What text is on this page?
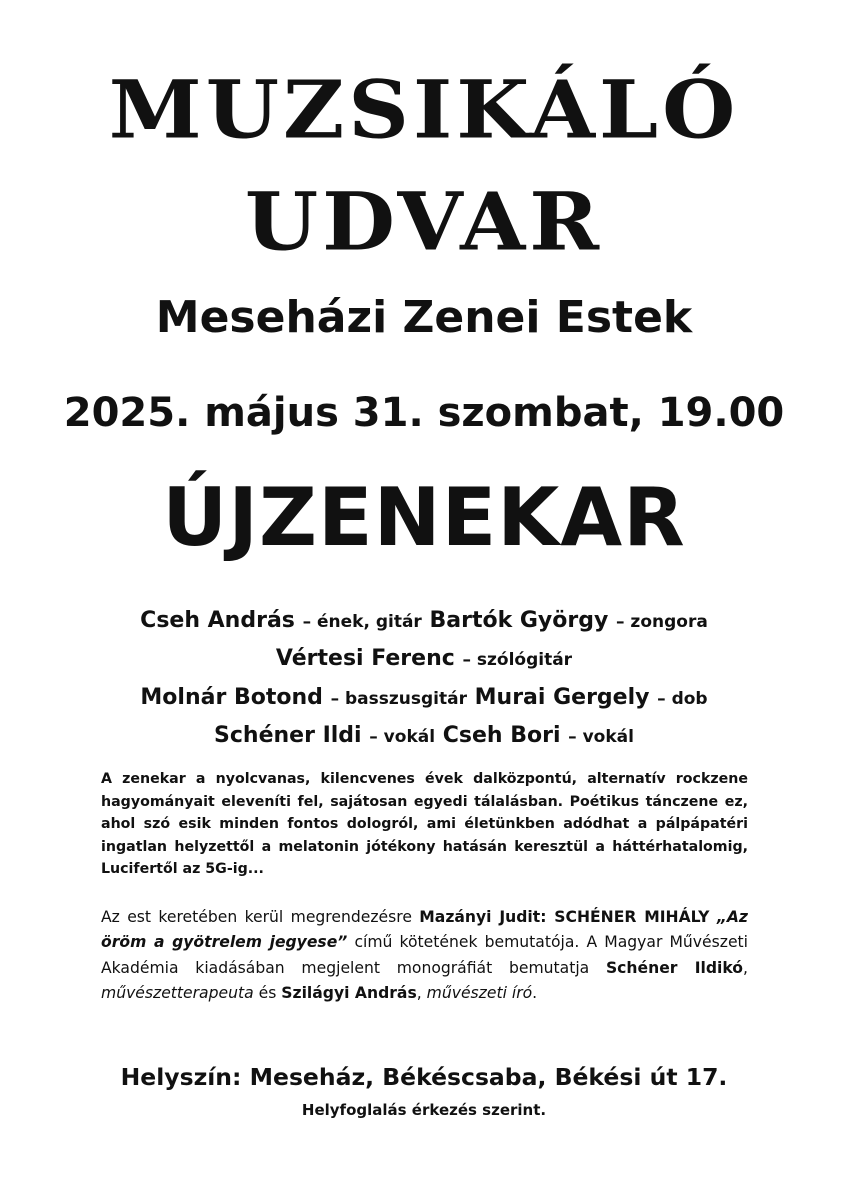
MUZSIKÁLÓ
UDVAR
Meseházi Zenei Estek
2025. május 31. szombat, 19.00
ÚJZENEKAR
Cseh András – ének, gitár Bartók György – zongora
Vértesi Ferenc – szólógitár
Molnár Botond – basszusgitár Murai Gergely – dob
Schéner Ildi – vokál Cseh Bori – vokál
A zenekar a nyolcvanas, kilencvenes évek dalközpontú, alternatív rockzene hagyományait eleveníti fel, sajátosan egyedi tálalásban. Poétikus tánczene ez, ahol szó esik minden fontos dologról, ami életünkben adódhat a pálpápatéri ingatlan helyzettől a melatonin jótékony hatásán keresztül a háttérhatalomig, Lucifertől az 5G-ig...
Az est keretében kerül megrendezésre Mazányi Judit: SCHÉNER MIHÁLY „Az öröm a gyötrelem jegyese” című kötetének bemutatója. A Magyar Művészeti Akadémia kiadásában megjelent monográfiát bemutatja Schéner Ildikó, művészetterapeuta és Szilágyi András, művészeti író.
Helyszín: Meseház, Békéscsaba, Békési út 17.
Helyfoglalás érkezés szerint.
